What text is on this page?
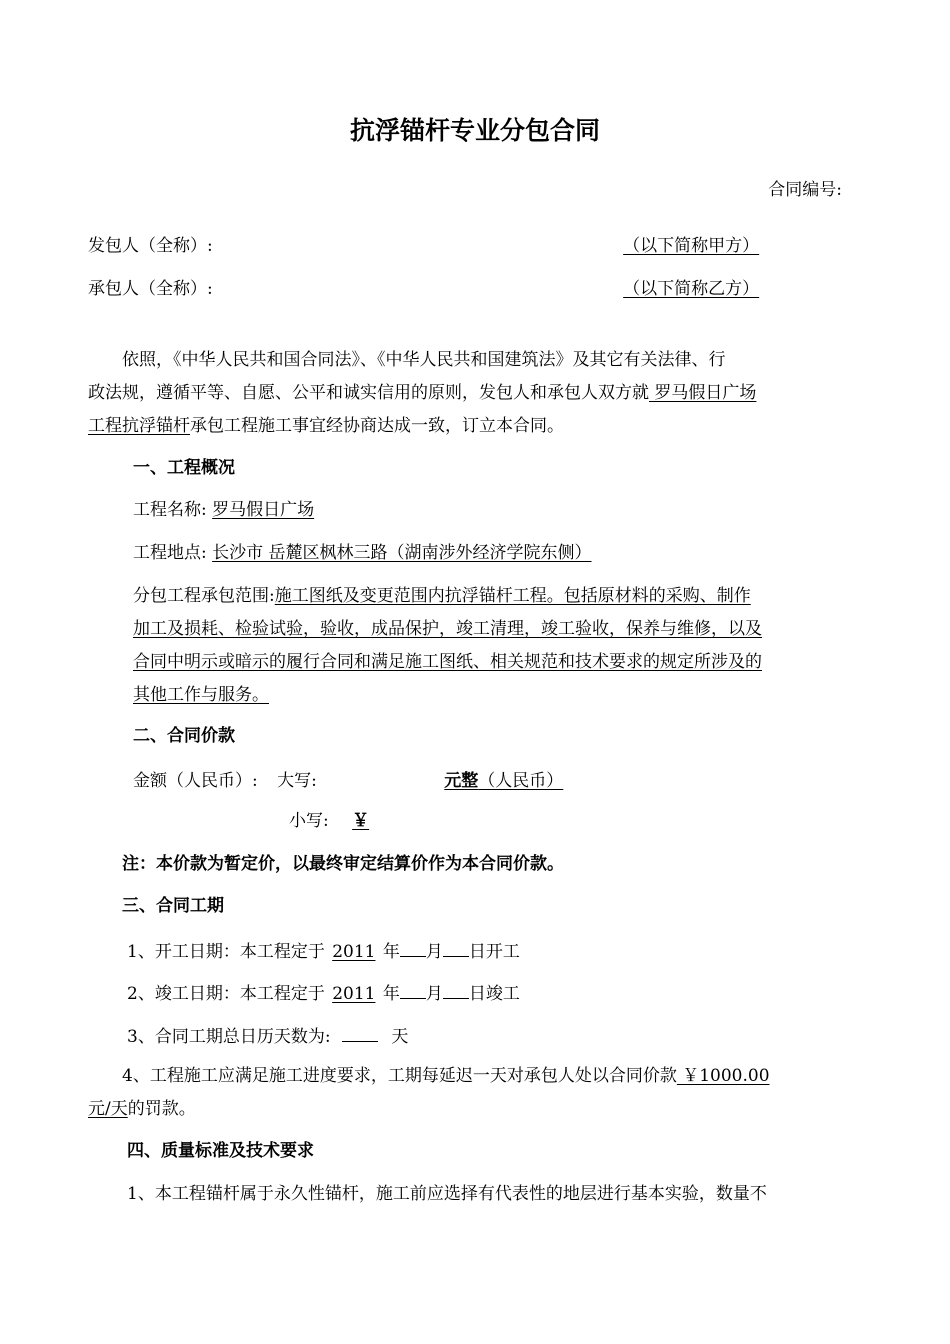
抗浮锚杆专业分包合同
合同编号:
发包人（全称）:	（以下简称甲方）
承包人（全称）:	（以下简称乙方）
依照，《中华人民共和国合同法》、《中华人民共和国建筑法》及其它有关法律、行
政法规，遵循平等、自愿、公平和诚实信用的原则，发包人和承包人双方就 罗马假日广场
工程抗浮锚杆承包工程施工事宜经协商达成一致，订立本合同。
一、工程概况
工程名称: 罗马假日广场
工程地点: 长沙市 岳麓区枫林三路（湖南涉外经济学院东侧）
分包工程承包范围:施工图纸及变更范围内抗浮锚杆工程。包括原材料的采购、制作
加工及损耗、检验试验，验收，成品保护，竣工清理，竣工验收，保养与维修，以及
合同中明示或暗示的履行合同和满足施工图纸、相关规范和技术要求的规定所涉及的
其他工作与服务。
二、合同价款
金额（人民币）: 大写:	元整（人民币）
小写: ￥
注：本价款为暂定价，以最终审定结算价作为本合同价款。
三、合同工期
1、开工日期：本工程定于 2011 年 月 日开工
2、竣工日期：本工程定于 2011 年 月 日竣工
3、合同工期总日历天数为:	天
4、工程施工应满足施工进度要求，工期每延迟一天对承包人处以合同价款 ￥1000.00
元/天的罚款。
四、质量标准及技术要求
1、本工程锚杆属于永久性锚杆，施工前应选择有代表性的地层进行基本实验，数量不
